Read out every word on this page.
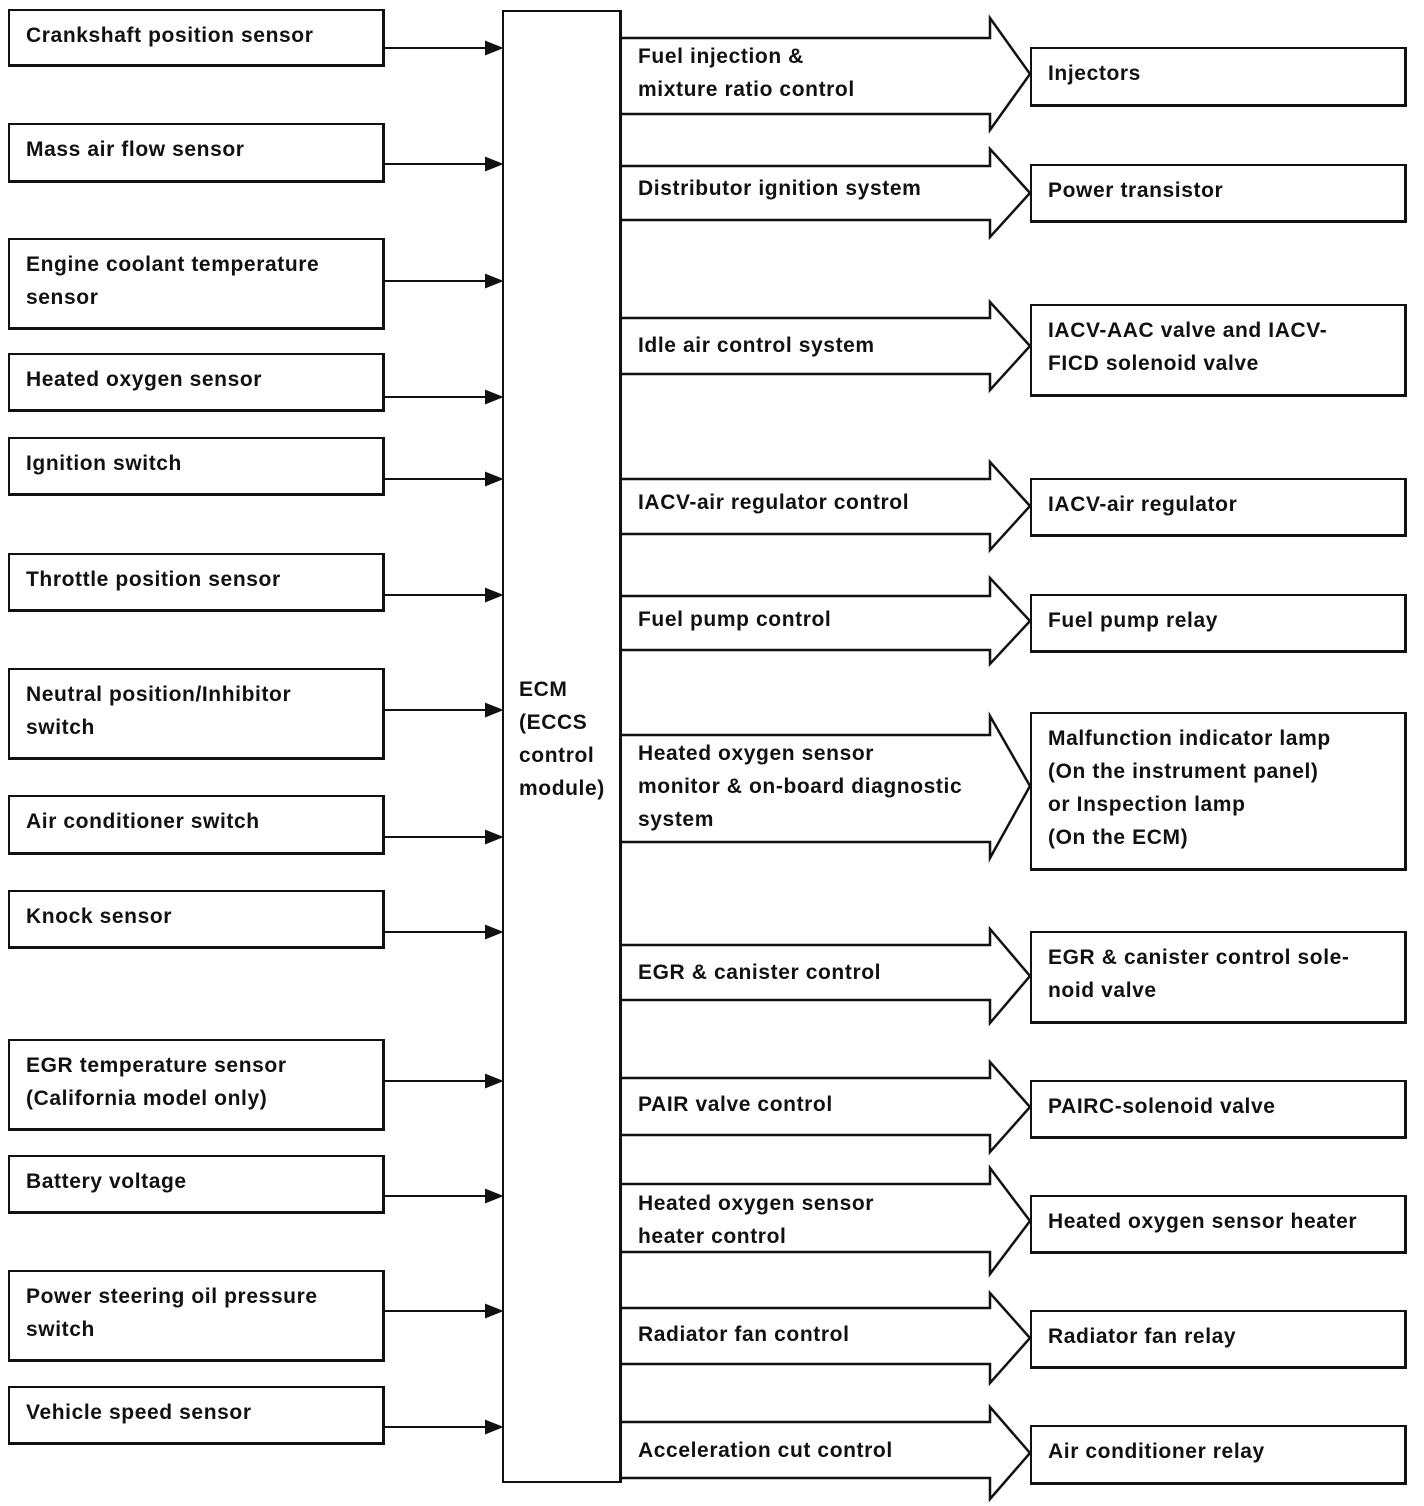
ECM
(ECCS
control
module)
Crankshaft position sensor
Mass air flow sensor
Engine coolant temperature
sensor
Heated oxygen sensor
Ignition switch
Throttle position sensor
Neutral position/Inhibitor
switch
Air conditioner switch
Knock sensor
EGR temperature sensor
(California model only)
Battery voltage
Power steering oil pressure
switch
Vehicle speed sensor
Fuel injection &
mixture ratio control
Distributor ignition system
Idle air control system
IACV-air regulator control
Fuel pump control
Heated oxygen sensor
monitor & on-board diagnostic
system
EGR & canister control
PAIR valve control
Heated oxygen sensor
heater control
Radiator fan control
Acceleration cut control
Injectors
Power transistor
IACV-AAC valve and IACV-
FICD solenoid valve
IACV-air regulator
Fuel pump relay
Malfunction indicator lamp
(On the instrument panel)
or Inspection lamp
(On the ECM)
EGR & canister control sole-
noid valve
PAIRC-solenoid valve
Heated oxygen sensor heater
Radiator fan relay
Air conditioner relay
